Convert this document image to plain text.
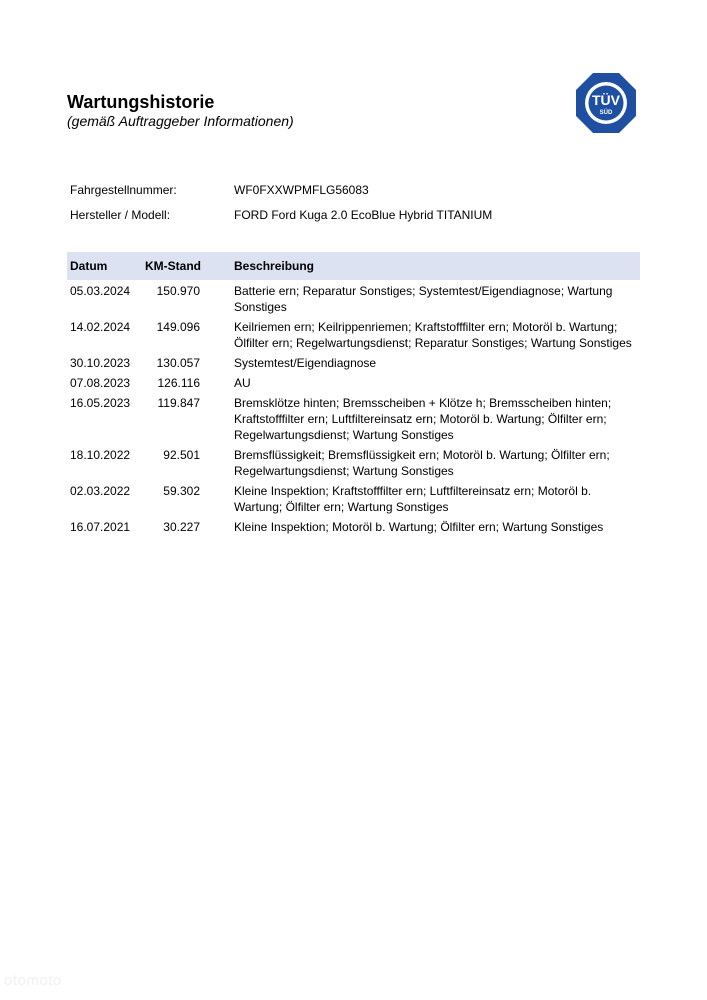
Wartungshistorie
(gemäß Auftraggeber Informationen)
TÜV
SÜD
Fahrgestellnummer:	WF0FXXWPMFLG56083
Hersteller / Modell:	FORD Ford Kuga 2.0 EcoBlue Hybrid TITANIUM
Datum	KM-Stand	Beschreibung
05.03.2024	150.970	Batterie ern; Reparatur Sonstiges; Systemtest/Eigendiagnose; Wartung Sonstiges
14.02.2024	149.096	Keilriemen ern; Keilrippenriemen; Kraftstofffilter ern; Motoröl b. Wartung; Ölfilter ern; Regelwartungsdienst; Reparatur Sonstiges; Wartung Sonstiges
30.10.2023	130.057	Systemtest/Eigendiagnose
07.08.2023	126.116	AU
16.05.2023	119.847	Bremsklötze hinten; Bremsscheiben + Klötze h; Bremsscheiben hinten; Kraftstofffilter ern; Luftfiltereinsatz ern; Motoröl b. Wartung; Ölfilter ern; Regelwartungsdienst; Wartung Sonstiges
18.10.2022	92.501	Bremsflüssigkeit; Bremsflüssigkeit ern; Motoröl b. Wartung; Ölfilter ern; Regelwartungsdienst; Wartung Sonstiges
02.03.2022	59.302	Kleine Inspektion; Kraftstofffilter ern; Luftfiltereinsatz ern; Motoröl b. Wartung; Ölfilter ern; Wartung Sonstiges
16.07.2021	30.227	Kleine Inspektion; Motoröl b. Wartung; Ölfilter ern; Wartung Sonstiges
otomoto
